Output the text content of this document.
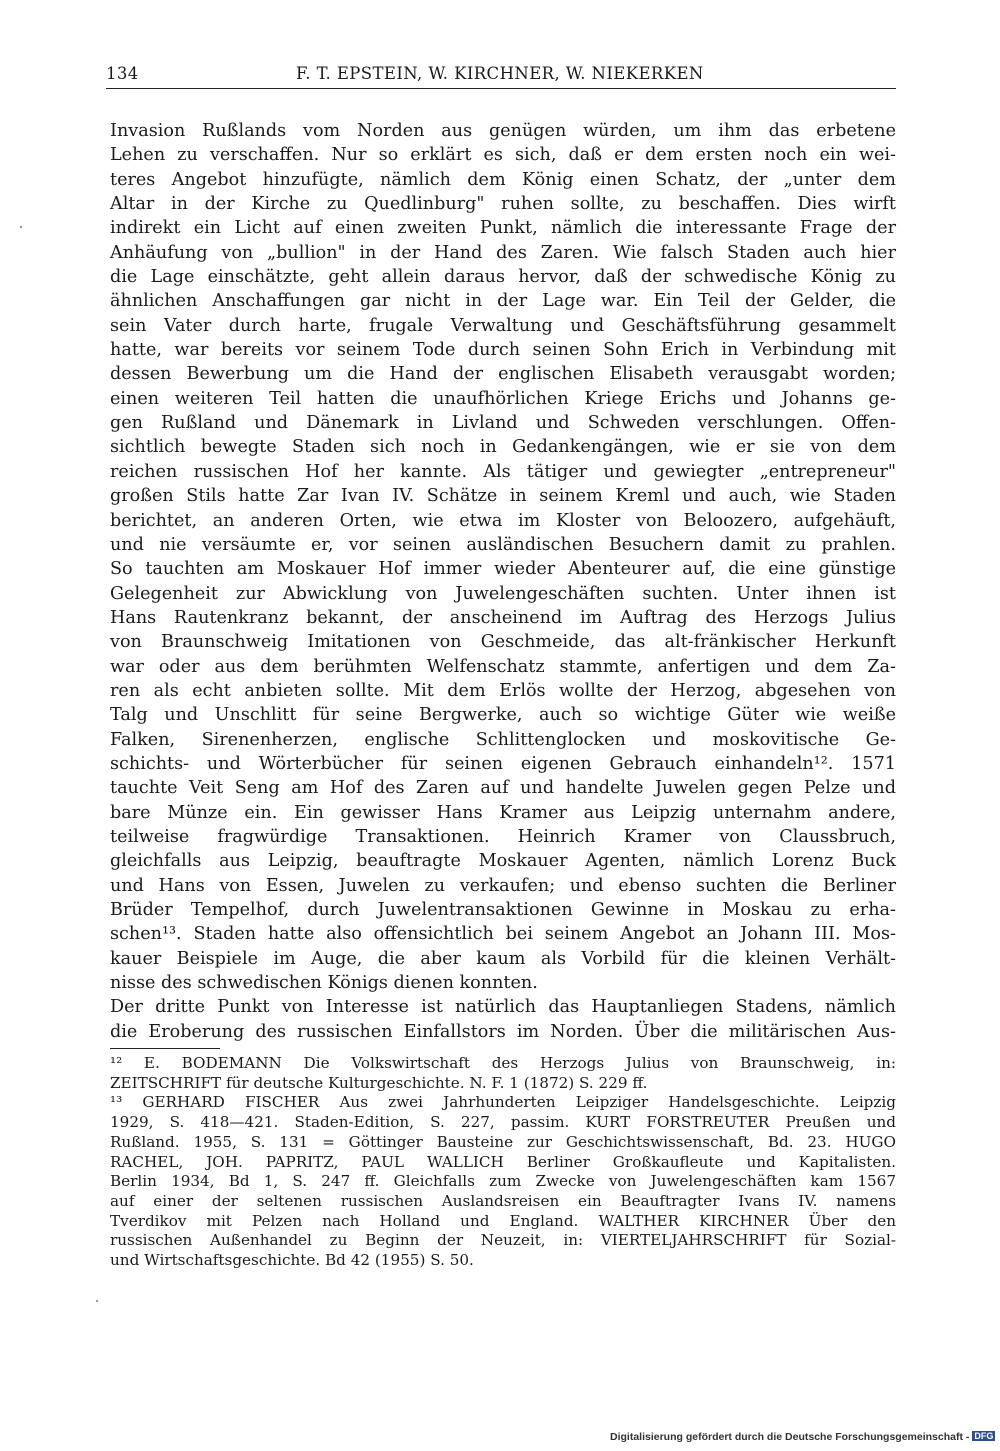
134	F. T. EPSTEIN, W. KIRCHNER, W. NIEKERKEN
Invasion Rußlands vom Norden aus genügen würden, um ihm das erbetene
Lehen zu verschaffen. Nur so erklärt es sich, daß er dem ersten noch ein wei-
teres Angebot hinzufügte, nämlich dem König einen Schatz, der „unter dem
Altar in der Kirche zu Quedlinburg" ruhen sollte, zu beschaffen. Dies wirft
indirekt ein Licht auf einen zweiten Punkt, nämlich die interessante Frage der
Anhäufung von „bullion" in der Hand des Zaren. Wie falsch Staden auch hier
die Lage einschätzte, geht allein daraus hervor, daß der schwedische König zu
ähnlichen Anschaffungen gar nicht in der Lage war. Ein Teil der Gelder, die
sein Vater durch harte, frugale Verwaltung und Geschäftsführung gesammelt
hatte, war bereits vor seinem Tode durch seinen Sohn Erich in Verbindung mit
dessen Bewerbung um die Hand der englischen Elisabeth verausgabt worden;
einen weiteren Teil hatten die unaufhörlichen Kriege Erichs und Johanns ge-
gen Rußland und Dänemark in Livland und Schweden verschlungen. Offen-
sichtlich bewegte Staden sich noch in Gedankengängen, wie er sie von dem
reichen russischen Hof her kannte. Als tätiger und gewiegter „entrepreneur"
großen Stils hatte Zar Ivan IV. Schätze in seinem Kreml und auch, wie Staden
berichtet, an anderen Orten, wie etwa im Kloster von Beloozero, aufgehäuft,
und nie versäumte er, vor seinen ausländischen Besuchern damit zu prahlen.
So tauchten am Moskauer Hof immer wieder Abenteurer auf, die eine günstige
Gelegenheit zur Abwicklung von Juwelengeschäften suchten. Unter ihnen ist
Hans Rautenkranz bekannt, der anscheinend im Auftrag des Herzogs Julius
von Braunschweig Imitationen von Geschmeide, das alt-fränkischer Herkunft
war oder aus dem berühmten Welfenschatz stammte, anfertigen und dem Za-
ren als echt anbieten sollte. Mit dem Erlös wollte der Herzog, abgesehen von
Talg und Unschlitt für seine Bergwerke, auch so wichtige Güter wie weiße
Falken, Sirenenherzen, englische Schlittenglocken und moskovitische Ge-
schichts- und Wörterbücher für seinen eigenen Gebrauch einhandeln¹². 1571
tauchte Veit Seng am Hof des Zaren auf und handelte Juwelen gegen Pelze und
bare Münze ein. Ein gewisser Hans Kramer aus Leipzig unternahm andere,
teilweise fragwürdige Transaktionen. Heinrich Kramer von Claussbruch,
gleichfalls aus Leipzig, beauftragte Moskauer Agenten, nämlich Lorenz Buck
und Hans von Essen, Juwelen zu verkaufen; und ebenso suchten die Berliner
Brüder Tempelhof, durch Juwelentransaktionen Gewinne in Moskau zu erha-
schen¹³. Staden hatte also offensichtlich bei seinem Angebot an Johann III. Mos-
kauer Beispiele im Auge, die aber kaum als Vorbild für die kleinen Verhält-
nisse des schwedischen Königs dienen konnten.
Der dritte Punkt von Interesse ist natürlich das Hauptanliegen Stadens, nämlich
die Eroberung des russischen Einfallstors im Norden. Über die militärischen Aus-
¹² E. BODEMANN Die Volkswirtschaft des Herzogs Julius von Braunschweig, in:
ZEITSCHRIFT für deutsche Kulturgeschichte. N. F. 1 (1872) S. 229 ff.
¹³ GERHARD FISCHER Aus zwei Jahrhunderten Leipziger Handelsgeschichte. Leipzig
1929, S. 418—421. Staden-Edition, S. 227, passim. KURT FORSTREUTER Preußen und
Rußland. 1955, S. 131 = Göttinger Bausteine zur Geschichtswissenschaft, Bd. 23. HUGO
RACHEL, JOH. PAPRITZ, PAUL WALLICH Berliner Großkaufleute und Kapitalisten.
Berlin 1934, Bd 1, S. 247 ff. Gleichfalls zum Zwecke von Juwelengeschäften kam 1567
auf einer der seltenen russischen Auslandsreisen ein Beauftragter Ivans IV. namens
Tverdikov mit Pelzen nach Holland und England. WALTHER KIRCHNER Über den
russischen Außenhandel zu Beginn der Neuzeit, in: VIERTELJAHRSCHRIFT für Sozial-
und Wirtschaftsgeschichte. Bd 42 (1955) S. 50.
Digitalisierung gefördert durch die Deutsche Forschungsgemeinschaft - DFG
